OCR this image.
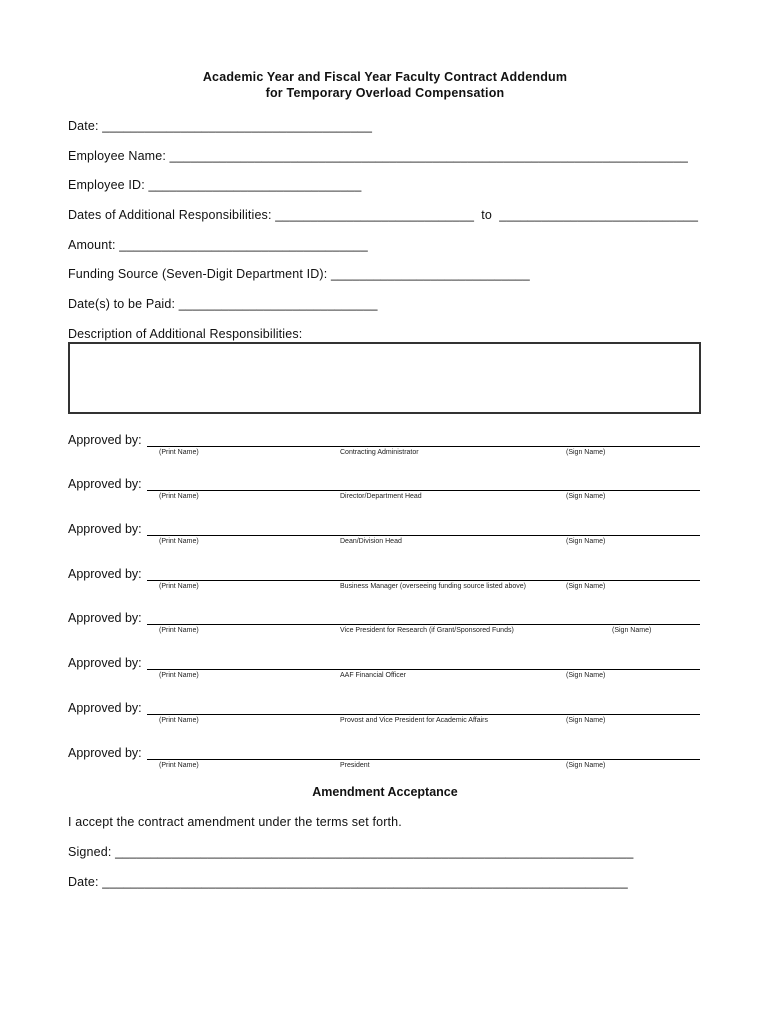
Academic Year and Fiscal Year Faculty Contract Addendum
for Temporary Overload Compensation
Date: ______________________________________
Employee Name: _________________________________________________________________________
Employee ID: ______________________________
Dates of Additional Responsibilities: ____________________________  to  ____________________________
Amount: ___________________________________
Funding Source (Seven-Digit Department ID): ____________________________
Date(s) to be Paid: ____________________________
Description of Additional Responsibilities:
Approved by:
(Print Name)	Contracting Administrator	(Sign Name)
Approved by:
(Print Name)	Director/Department Head	(Sign Name)
Approved by:
(Print Name)	Dean/Division Head	(Sign Name)
Approved by:
(Print Name)	Business Manager (overseeing funding source listed above)	(Sign Name)
Approved by:
(Print Name)	Vice President for Research (if Grant/Sponsored Funds)	(Sign Name)
Approved by:
(Print Name)	AAF Financial Officer	(Sign Name)
Approved by:
(Print Name)	Provost and Vice President for Academic Affairs	(Sign Name)
Approved by:
(Print Name)	President	(Sign Name)
Amendment Acceptance
I accept the contract amendment under the terms set forth.
Signed: _________________________________________________________________________
Date: __________________________________________________________________________
